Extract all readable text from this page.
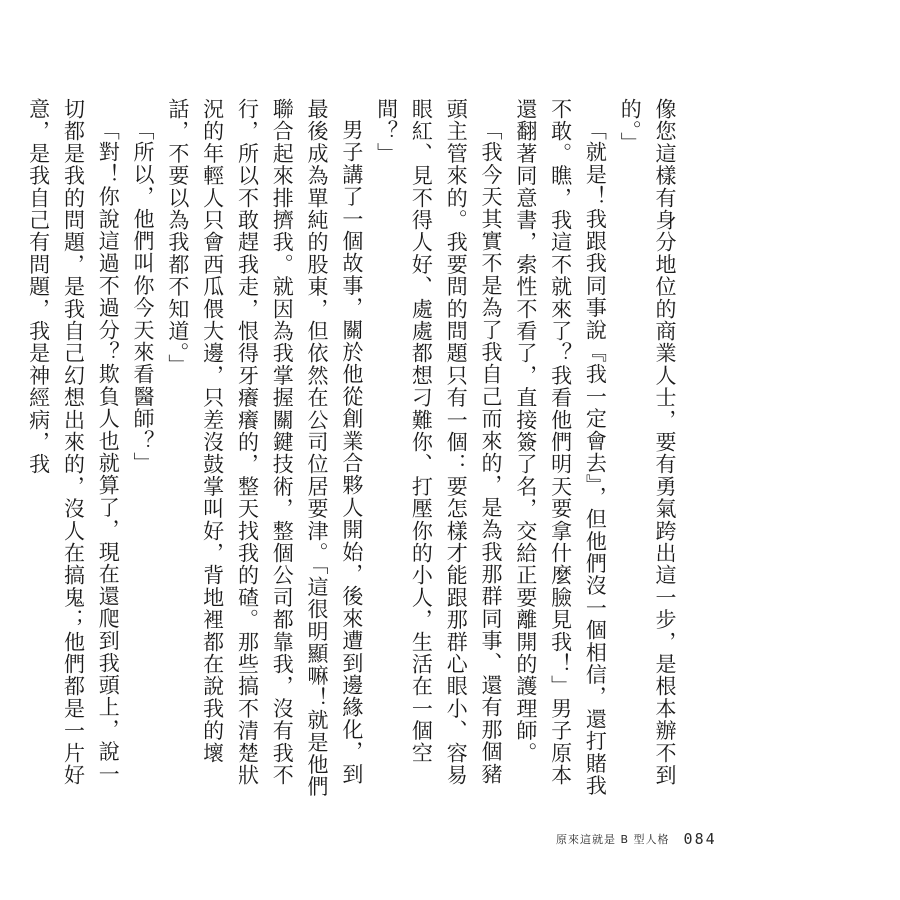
像您這樣有身分地位的商業人士，要有勇氣跨出這一步，是根本辦不到的。」

「就是！我跟我同事說『我一定會去』，但他們沒一個相信，還打賭我不敢。瞧，我這不就來了？我看他們明天要拿什麼臉見我！」男子原本還翻著同意書，索性不看了，直接簽了名，交給正要離開的護理師。

「我今天其實不是為了我自己而來的，是為我那群同事、還有那個豬頭主管來的。我要問的問題只有一個：要怎樣才能跟那群心眼小、容易眼紅、見不得人好、處處都想刁難你、打壓你的小人，生活在一個空間？」

男子講了一個故事，關於他從創業合夥人開始，後來遭到邊緣化，到最後成為單純的股東，但依然在公司位居要津。「這很明顯嘛！就是他們聯合起來排擠我。就因為我掌握關鍵技術，整個公司都靠我，沒有我不行，所以不敢趕我走，恨得牙癢癢的，整天找我的碴。那些搞不清楚狀況的年輕人只會西瓜偎大邊，只差沒鼓掌叫好，背地裡都在說我的壞話，不要以為我都不知道。」

「所以，他們叫你今天來看醫師？」

「對！你說這過不過分？欺負人也就算了，現在還爬到我頭上，說一切都是我的問題，是我自己幻想出來的，沒人在搞鬼；他們都是一片好意，是我自己有問題，我是神經病，我

原來這就是 B 型人格 084
